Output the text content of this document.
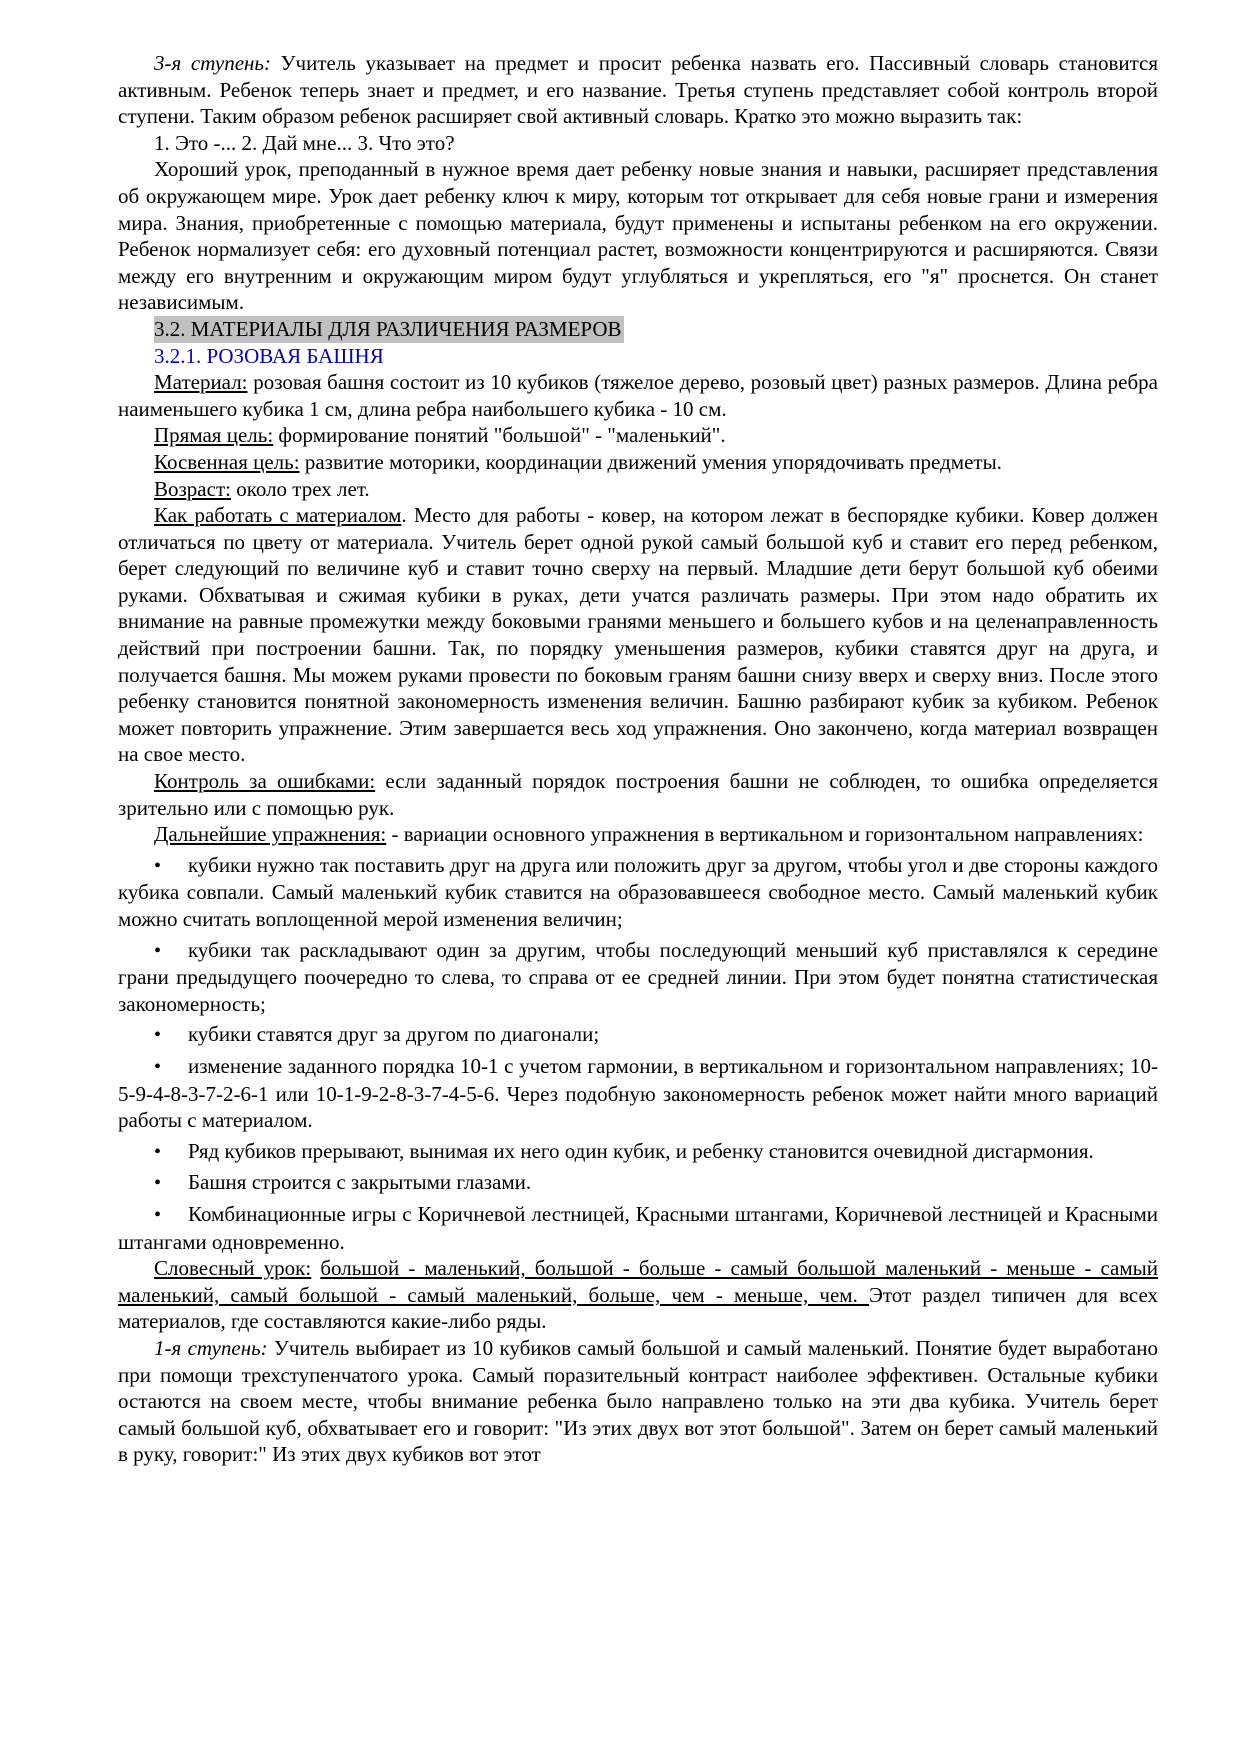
3-я ступень: Учитель указывает на предмет и просит ребенка назвать его. Пассивный словарь становится активным. Ребенок теперь знает и предмет, и его название. Третья ступень представляет собой контроль второй ступени. Таким образом ребенок расширяет свой активный словарь. Кратко это можно выразить так:

1. Это -... 2. Дай мне... 3. Что это?

Хороший урок, преподанный в нужное время дает ребенку новые знания и навыки, расширяет представления об окружающем мире. Урок дает ребенку ключ к миру, которым тот открывает для себя новые грани и измерения мира. Знания, приобретенные с помощью материала, будут применены и испытаны ребенком на его окружении. Ребенок нормализует себя: его духовный потенциал растет, возможности концентрируются и расширяются. Связи между его внутренним и окружающим миром будут углубляться и укрепляться, его "я" проснется. Он станет независимым.

3.2. МАТЕРИАЛЫ ДЛЯ РАЗЛИЧЕНИЯ РАЗМЕРОВ

3.2.1. РОЗОВАЯ БАШНЯ

Материал: розовая башня состоит из 10 кубиков (тяжелое дерево, розовый цвет) разных размеров. Длина ребра наименьшего кубика 1 см, длина ребра наибольшего кубика - 10 см.

Прямая цель: формирование понятий "большой" - "маленький".

Косвенная цель: развитие моторики, координации движений умения упорядочивать предметы.

Возраст: около трех лет.

Как работать с материалом. Место для работы - ковер, на котором лежат в беспорядке кубики. Ковер должен отличаться по цвету от материала. Учитель берет одной рукой самый большой куб и ставит его перед ребенком, берет следующий по величине куб и ставит точно сверху на первый. Младшие дети берут большой куб обеими руками. Обхватывая и сжимая кубики в руках, дети учатся различать размеры. При этом надо обратить их внимание на равные промежутки между боковыми гранями меньшего и большего кубов и на целенаправленность действий при построении башни. Так, по порядку уменьшения размеров, кубики ставятся друг на друга, и получается башня. Мы можем руками провести по боковым граням башни снизу вверх и сверху вниз. После этого ребенку становится понятной закономерность изменения величин. Башню разбирают кубик за кубиком. Ребенок может повторить упражнение. Этим завершается весь ход упражнения. Оно закончено, когда материал возвращен на свое место.

Контроль за ошибками: если заданный порядок построения башни не соблюден, то ошибка определяется зрительно или с помощью рук.

Дальнейшие упражнения: - вариации основного упражнения в вертикальном и горизонтальном направлениях:

•кубики нужно так поставить друг на друга или положить друг за другом, чтобы угол и две стороны каждого кубика совпали. Самый маленький кубик ставится на образовавшееся свободное место. Самый маленький кубик можно считать воплощенной мерой изменения величин;

•кубики так раскладывают один за другим, чтобы последующий меньший куб приставлялся к середине грани предыдущего поочередно то слева, то справа от ее средней линии. При этом будет понятна статистическая закономерность;

•кубики ставятся друг за другом по диагонали;

•изменение заданного порядка 10-1 с учетом гармонии, в вертикальном и горизонтальном направлениях; 10-5-9-4-8-3-7-2-6-1 или 10-1-9-2-8-3-7-4-5-6. Через подобную закономерность ребенок может найти много вариаций работы с материалом.

•Ряд кубиков прерывают, вынимая их него один кубик, и ребенку становится очевидной дисгармония.

•Башня строится с закрытыми глазами.

•Комбинационные игры с Коричневой лестницей, Красными штангами, Коричневой лестницей и Красными штангами одновременно.

Словесный урок: большой - маленький, большой - больше - самый большой маленький - меньше - самый маленький, самый большой - самый маленький, больше, чем - меньше, чем. Этот раздел типичен для всех материалов, где составляются какие-либо ряды.

1-я ступень: Учитель выбирает из 10 кубиков самый большой и самый маленький. Понятие будет выработано при помощи трехступенчатого урока. Самый поразительный контраст наиболее эффективен. Остальные кубики остаются на своем месте, чтобы внимание ребенка было направлено только на эти два кубика. Учитель берет самый большой куб, обхватывает его и говорит: "Из этих двух вот этот большой". Затем он берет самый маленький в руку, говорит:" Из этих двух кубиков вот этот
